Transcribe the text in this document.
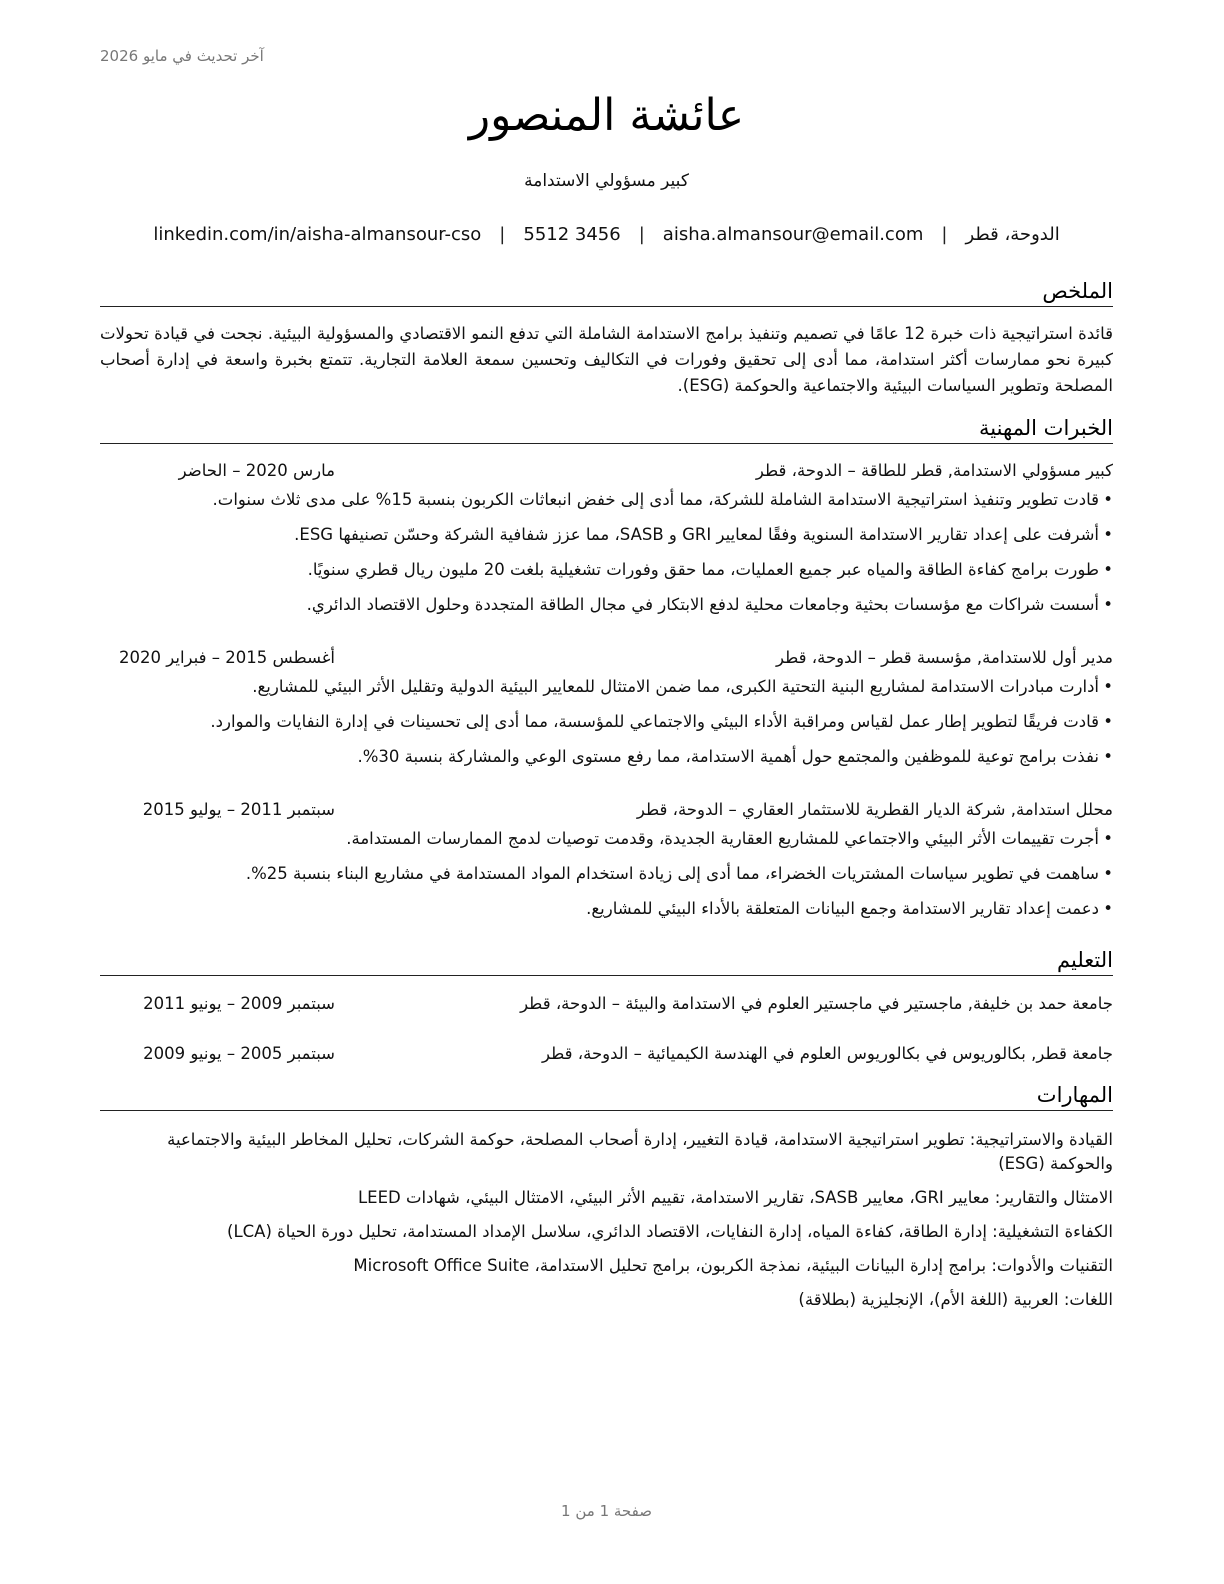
آخر تحديث في مايو 2026
عائشة المنصور
كبير مسؤولي الاستدامة
الدوحة، قطر
|
aisha.almansour@email.com
|
5512 3456
|
linkedin.com/in/aisha-almansour-cso
الملخص

قائدة استراتيجية ذات خبرة 12 عامًا في تصميم وتنفيذ برامج الاستدامة الشاملة التي تدفع النمو الاقتصادي والمسؤولية البيئية. نجحت في قيادة تحولات كبيرة نحو ممارسات أكثر استدامة، مما أدى إلى تحقيق وفورات في التكاليف وتحسين سمعة العلامة التجارية. تتمتع بخبرة واسعة في إدارة أصحاب المصلحة وتطوير السياسات البيئية والاجتماعية والحوكمة (ESG).

الخبرات المهنية
كبير مسؤولي الاستدامة, قطر للطاقة – الدوحة، قطر
مارس 2020 – الحاضر
• قادت تطوير وتنفيذ استراتيجية الاستدامة الشاملة للشركة، مما أدى إلى خفض انبعاثات الكربون بنسبة 15% على مدى ثلاث سنوات.
• أشرفت على إعداد تقارير الاستدامة السنوية وفقًا لمعايير GRI و SASB، مما عزز شفافية الشركة وحسّن تصنيفها ESG.
• طورت برامج كفاءة الطاقة والمياه عبر جميع العمليات، مما حقق وفورات تشغيلية بلغت 20 مليون ريال قطري سنويًا.
• أسست شراكات مع مؤسسات بحثية وجامعات محلية لدفع الابتكار في مجال الطاقة المتجددة وحلول الاقتصاد الدائري.
مدير أول للاستدامة, مؤسسة قطر – الدوحة، قطر
أغسطس 2015 – فبراير 2020
• أدارت مبادرات الاستدامة لمشاريع البنية التحتية الكبرى، مما ضمن الامتثال للمعايير البيئية الدولية وتقليل الأثر البيئي للمشاريع.
• قادت فريقًا لتطوير إطار عمل لقياس ومراقبة الأداء البيئي والاجتماعي للمؤسسة، مما أدى إلى تحسينات في إدارة النفايات والموارد.
• نفذت برامج توعية للموظفين والمجتمع حول أهمية الاستدامة، مما رفع مستوى الوعي والمشاركة بنسبة 30%.
محلل استدامة, شركة الديار القطرية للاستثمار العقاري – الدوحة، قطر
سبتمبر 2011 – يوليو 2015
• أجرت تقييمات الأثر البيئي والاجتماعي للمشاريع العقارية الجديدة، وقدمت توصيات لدمج الممارسات المستدامة.
• ساهمت في تطوير سياسات المشتريات الخضراء، مما أدى إلى زيادة استخدام المواد المستدامة في مشاريع البناء بنسبة 25%.
• دعمت إعداد تقارير الاستدامة وجمع البيانات المتعلقة بالأداء البيئي للمشاريع.
التعليم
جامعة حمد بن خليفة, ماجستير في ماجستير العلوم في الاستدامة والبيئة – الدوحة، قطر
سبتمبر 2009 – يونيو 2011
جامعة قطر, بكالوريوس في بكالوريوس العلوم في الهندسة الكيميائية – الدوحة، قطر
سبتمبر 2005 – يونيو 2009
المهارات
القيادة والاستراتيجية: تطوير استراتيجية الاستدامة، قيادة التغيير، إدارة أصحاب المصلحة، حوكمة الشركات، تحليل المخاطر البيئية والاجتماعية والحوكمة (ESG)
الامتثال والتقارير: معايير GRI، معايير SASB، تقارير الاستدامة، تقييم الأثر البيئي، الامتثال البيئي، شهادات LEED
الكفاءة التشغيلية: إدارة الطاقة، كفاءة المياه، إدارة النفايات، الاقتصاد الدائري، سلاسل الإمداد المستدامة، تحليل دورة الحياة (LCA)
التقنيات والأدوات: برامج إدارة البيانات البيئية، نمذجة الكربون، برامج تحليل الاستدامة، Microsoft Office Suite
اللغات: العربية (اللغة الأم)، الإنجليزية (بطلاقة)
صفحة 1 من 1
